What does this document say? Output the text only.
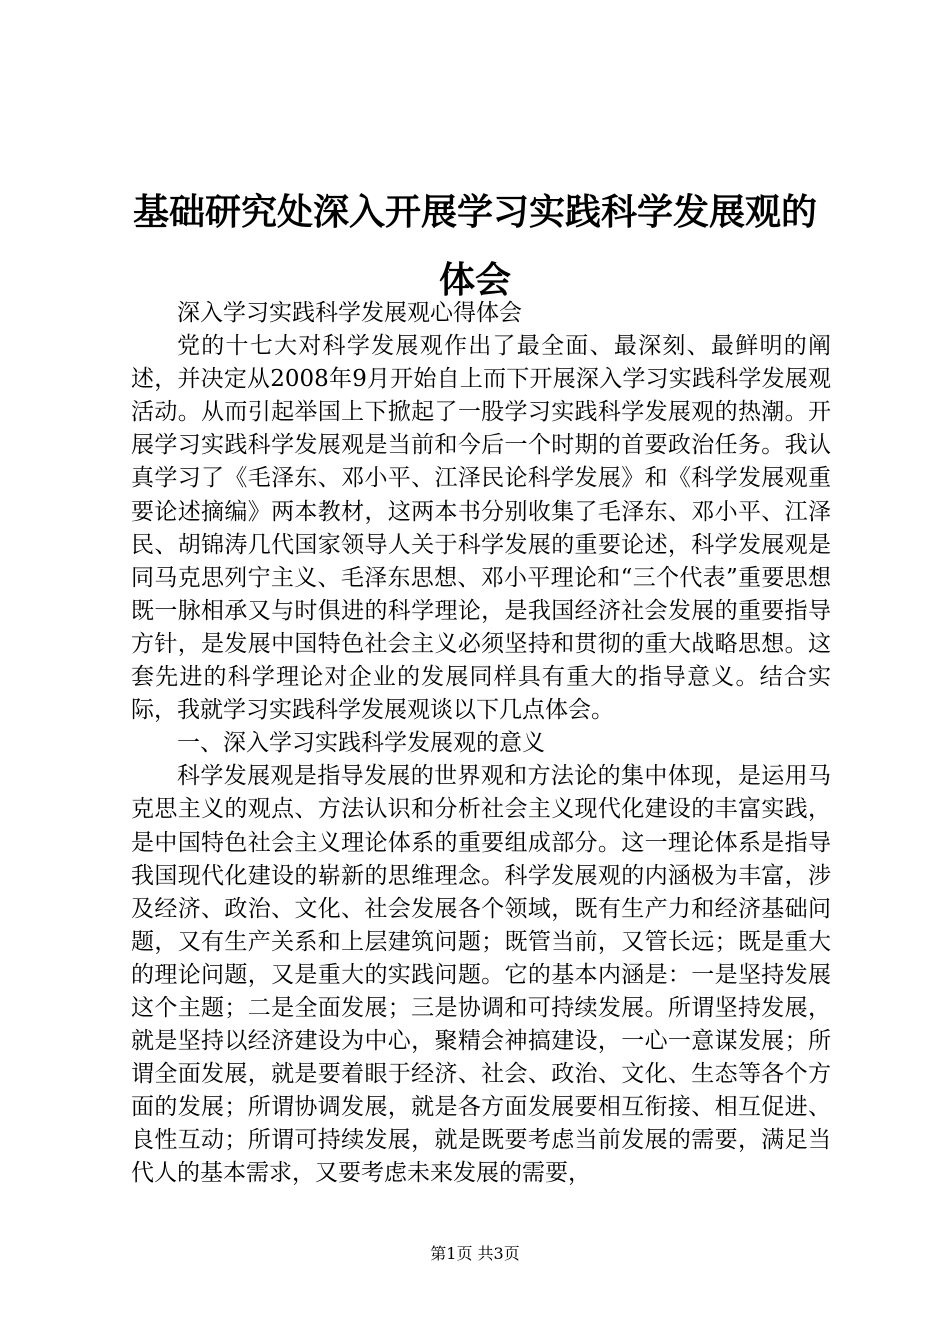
基础研究处深入开展学习实践科学发展观的体会

深入学习实践科学发展观心得体会

党的十七大对科学发展观作出了最全面、最深刻、最鲜明的阐述，并决定从2008年9月开始自上而下开展深入学习实践科学发展观活动。从而引起举国上下掀起了一股学习实践科学发展观的热潮。开展学习实践科学发展观是当前和今后一个时期的首要政治任务。我认真学习了《毛泽东、邓小平、江泽民论科学发展》和《科学发展观重要论述摘编》两本教材，这两本书分别收集了毛泽东、邓小平、江泽民、胡锦涛几代国家领导人关于科学发展的重要论述，科学发展观是同马克思列宁主义、毛泽东思想、邓小平理论和“三个代表”重要思想既一脉相承又与时俱进的科学理论，是我国经济社会发展的重要指导方针，是发展中国特色社会主义必须坚持和贯彻的重大战略思想。这套先进的科学理论对企业的发展同样具有重大的指导意义。结合实际，我就学习实践科学发展观谈以下几点体会。

一、深入学习实践科学发展观的意义

科学发展观是指导发展的世界观和方法论的集中体现，是运用马克思主义的观点、方法认识和分析社会主义现代化建设的丰富实践，是中国特色社会主义理论体系的重要组成部分。这一理论体系是指导我国现代化建设的崭新的思维理念。科学发展观的内涵极为丰富，涉及经济、政治、文化、社会发展各个领域，既有生产力和经济基础问题，又有生产关系和上层建筑问题；既管当前，又管长远；既是重大的理论问题，又是重大的实践问题。它的基本内涵是：一是坚持发展这个主题；二是全面发展；三是协调和可持续发展。所谓坚持发展，就是坚持以经济建设为中心，聚精会神搞建设，一心一意谋发展；所谓全面发展，就是要着眼于经济、社会、政治、文化、生态等各个方面的发展；所谓协调发展，就是各方面发展要相互衔接、相互促进、良性互动；所谓可持续发展，就是既要考虑当前发展的需要，满足当代人的基本需求，又要考虑未来发展的需要，

第1页 共3页
